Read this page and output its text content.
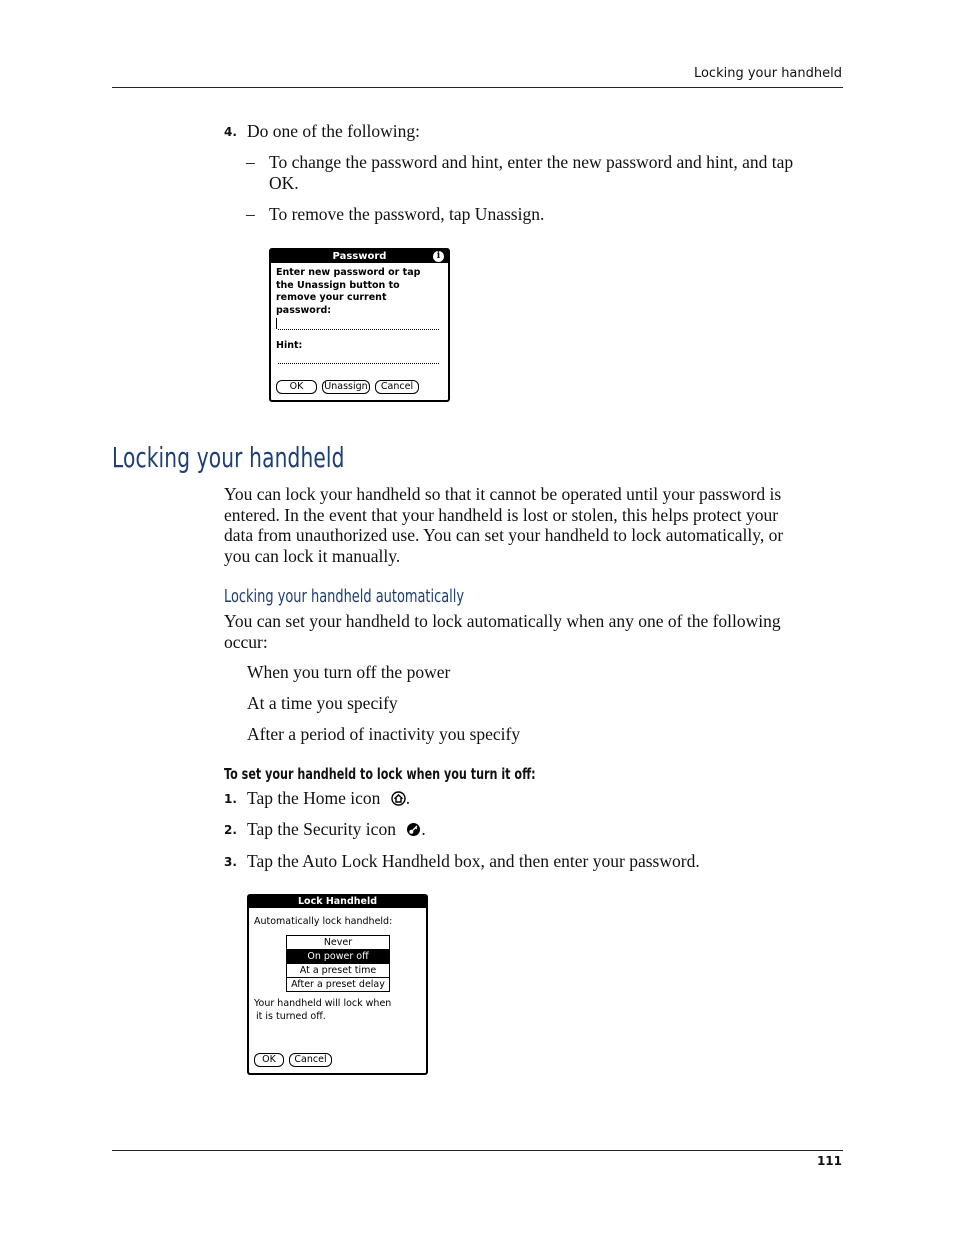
Locking your handheld
4. Do one of the following:
– To change the password and hint, enter the new password and hint, and tap
OK.
– To remove the password, tap Unassign.
Password	i
Enter new password or tap
the Unassign button to
remove your current
password:
Hint:
OK	Unassign	Cancel
Locking your handheld
You can lock your handheld so that it cannot be operated until your password is
entered. In the event that your handheld is lost or stolen, this helps protect your
data from unauthorized use. You can set your handheld to lock automatically, or
you can lock it manually.
Locking your handheld automatically
You can set your handheld to lock automatically when any one of the following
occur:
When you turn off the power
At a time you specify
After a period of inactivity you specify
To set your handheld to lock when you turn it off:
1. Tap the Home icon .
2. Tap the Security icon .
3. Tap the Auto Lock Handheld box, and then enter your password.
Lock Handheld
Automatically lock handheld:
Never
On power off
At a preset time
After a preset delay
Your handheld will lock when
it is turned off.
OK	Cancel
111
